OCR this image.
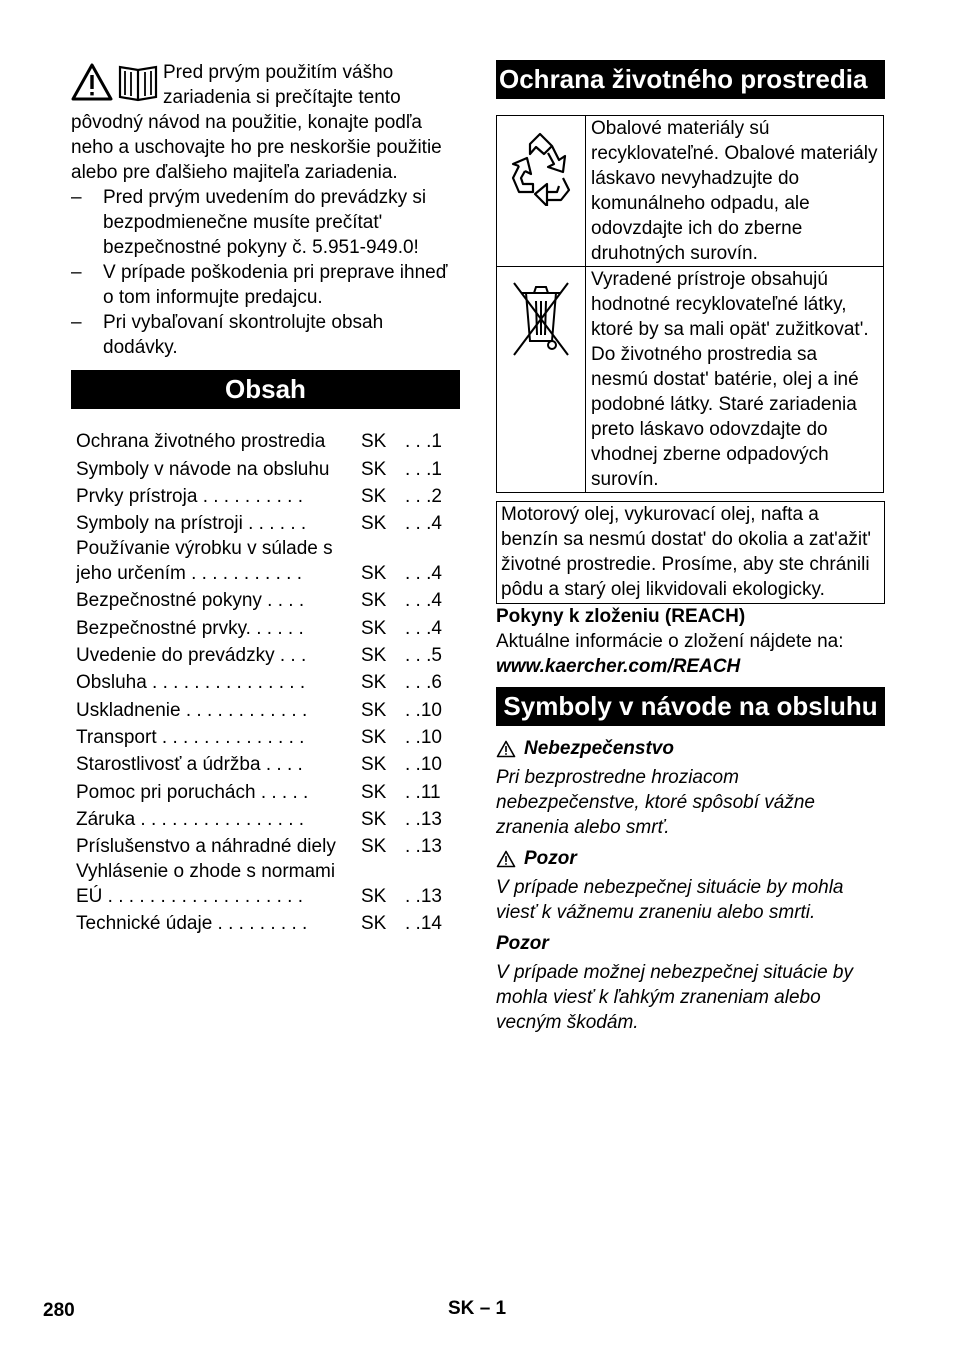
Pred prvým použitím vášho zariadenia si prečítajte tento pôvodný návod na použitie, konajte podľa neho a uschovajte ho pre neskoršie použitie alebo pre ďalšieho majiteľa zariadenia.

– Pred prvým uvedením do prevádzky si bezpodmienečne musíte prečítat' bezpečnostné pokyny č. 5.951-949.0!
– V prípade poškodenia pri preprave ihneď o tom informujte predajcu.
– Pri vybaľovaní skontrolujte obsah dodávky.
Obsah
Ochrana životného prostredia	SK . . .1
Symboly v návode na obsluhu	SK . . .1
Prvky prístroja . . . . . . . . . .	SK . . .2
Symboly na prístroji . . . . . .	SK . . .4
Používanie výrobku v súlade s jeho určením . . . . . . . . . . .	SK . . .4
Bezpečnostné pokyny . . . .	SK . . .4
Bezpečnostné prvky. . . . . .	SK . . .4
Uvedenie do prevádzky . . .	SK . . .5
Obsluha . . . . . . . . . . . . . . .	SK . . .6
Uskladnenie . . . . . . . . . . . .	SK . .10
Transport . . . . . . . . . . . . . .	SK . .10
Starostlivosť a údržba . . . .	SK . .10
Pomoc pri poruchách . . . . .	SK . .11
Záruka . . . . . . . . . . . . . . . .	SK . .13
Príslušenstvo a náhradné diely	SK . .13
Vyhlásenie o zhode s normami EÚ . . . . . . . . . . . . . . . . . . .	SK . .13
Technické údaje . . . . . . . . .	SK . .14
Ochrana životného prostredia
	Obalové materiály sú recyklovateľné. Obalové materiály láskavo nevyhadzujte do komunálneho odpadu, ale odovzdajte ich do zberne druhotných surovín.
	Vyradené prístroje obsahujú hodnotné recyklovateľné látky, ktoré by sa mali opät' zužitkovat'. Do životného prostredia sa nesmú dostat' batérie, olej a iné podobné látky. Staré zariadenia preto láskavo odovzdajte do vhodnej zberne odpadových surovín.
Motorový olej, vykurovací olej, nafta a benzín sa nesmú dostat' do okolia a zat'ažit' životné prostredie. Prosíme, aby ste chránili pôdu a starý olej likvidovali ekologicky.
Pokyny k zloženiu (REACH)
Aktuálne informácie o zložení nájdete na:
www.kaercher.com/REACH
Symboly v návode na obsluhu
Nebezpečenstvo
Pri bezprostredne hroziacom nebezpečenstve, ktoré spôsobí vážne zranenia alebo smrť.
Pozor
V prípade nebezpečnej situácie by mohla viesť k vážnemu zraneniu alebo smrti.
Pozor
V prípade možnej nebezpečnej situácie by mohla viesť k ľahkým zraneniam alebo vecným škodám.
280	SK – 1
